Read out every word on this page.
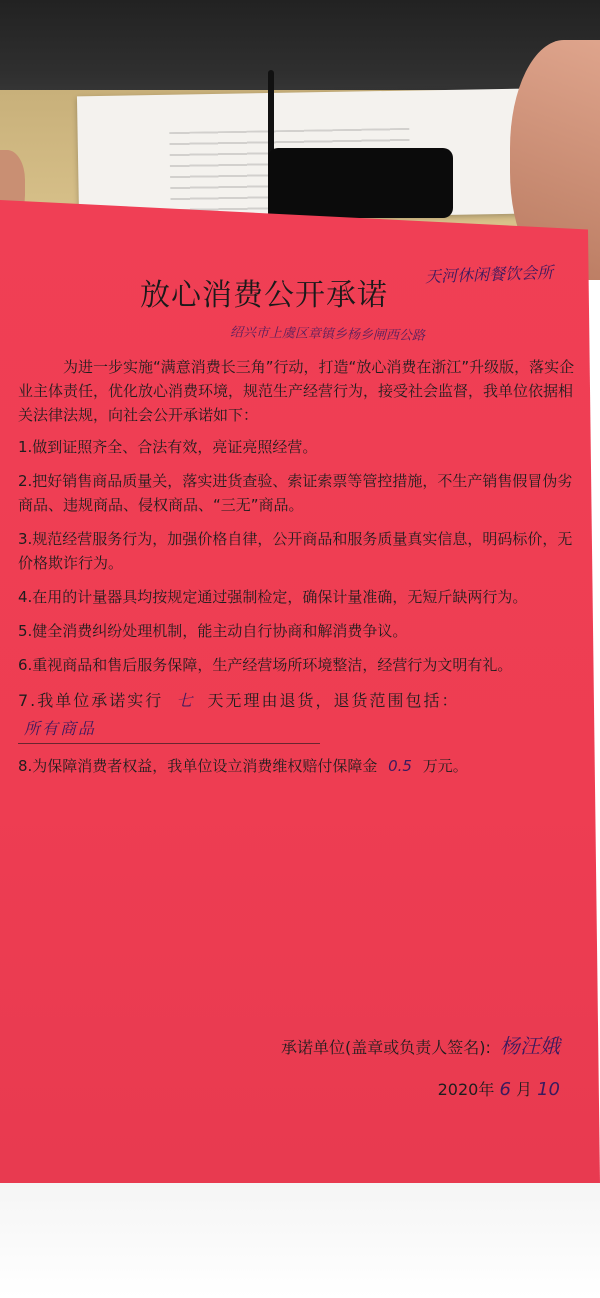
放心消费公开承诺
天河休闲餐饮会所
绍兴市上虞区章镇乡杨乡闸西公路

为进一步实施“满意消费长三角”行动，打造“放心消费在浙江”升级版，落实企业主体责任，优化放心消费环境，规范生产经营行为，接受社会监督，我单位依据相关法律法规，向社会公开承诺如下：

1.做到证照齐全、合法有效，亮证亮照经营。

2.把好销售商品质量关，落实进货查验、索证索票等管控措施，不生产销售假冒伪劣商品、违规商品、侵权商品、“三无”商品。

3.规范经营服务行为，加强价格自律，公开商品和服务质量真实信息，明码标价，无价格欺诈行为。

4.在用的计量器具均按规定通过强制检定，确保计量准确，无短斤缺两行为。

5.健全消费纠纷处理机制，能主动自行协商和解消费争议。

6.重视商品和售后服务保障，生产经营场所环境整洁，经营行为文明有礼。

7.我单位承诺实行 七 天无理由退货，退货范围包括： 所有商品

8.为保障消费者权益，我单位设立消费维权赔付保障金 0.5 万元。

承诺单位(盖章或负责人签名): 杨汪娥
2020年 6 月 10
